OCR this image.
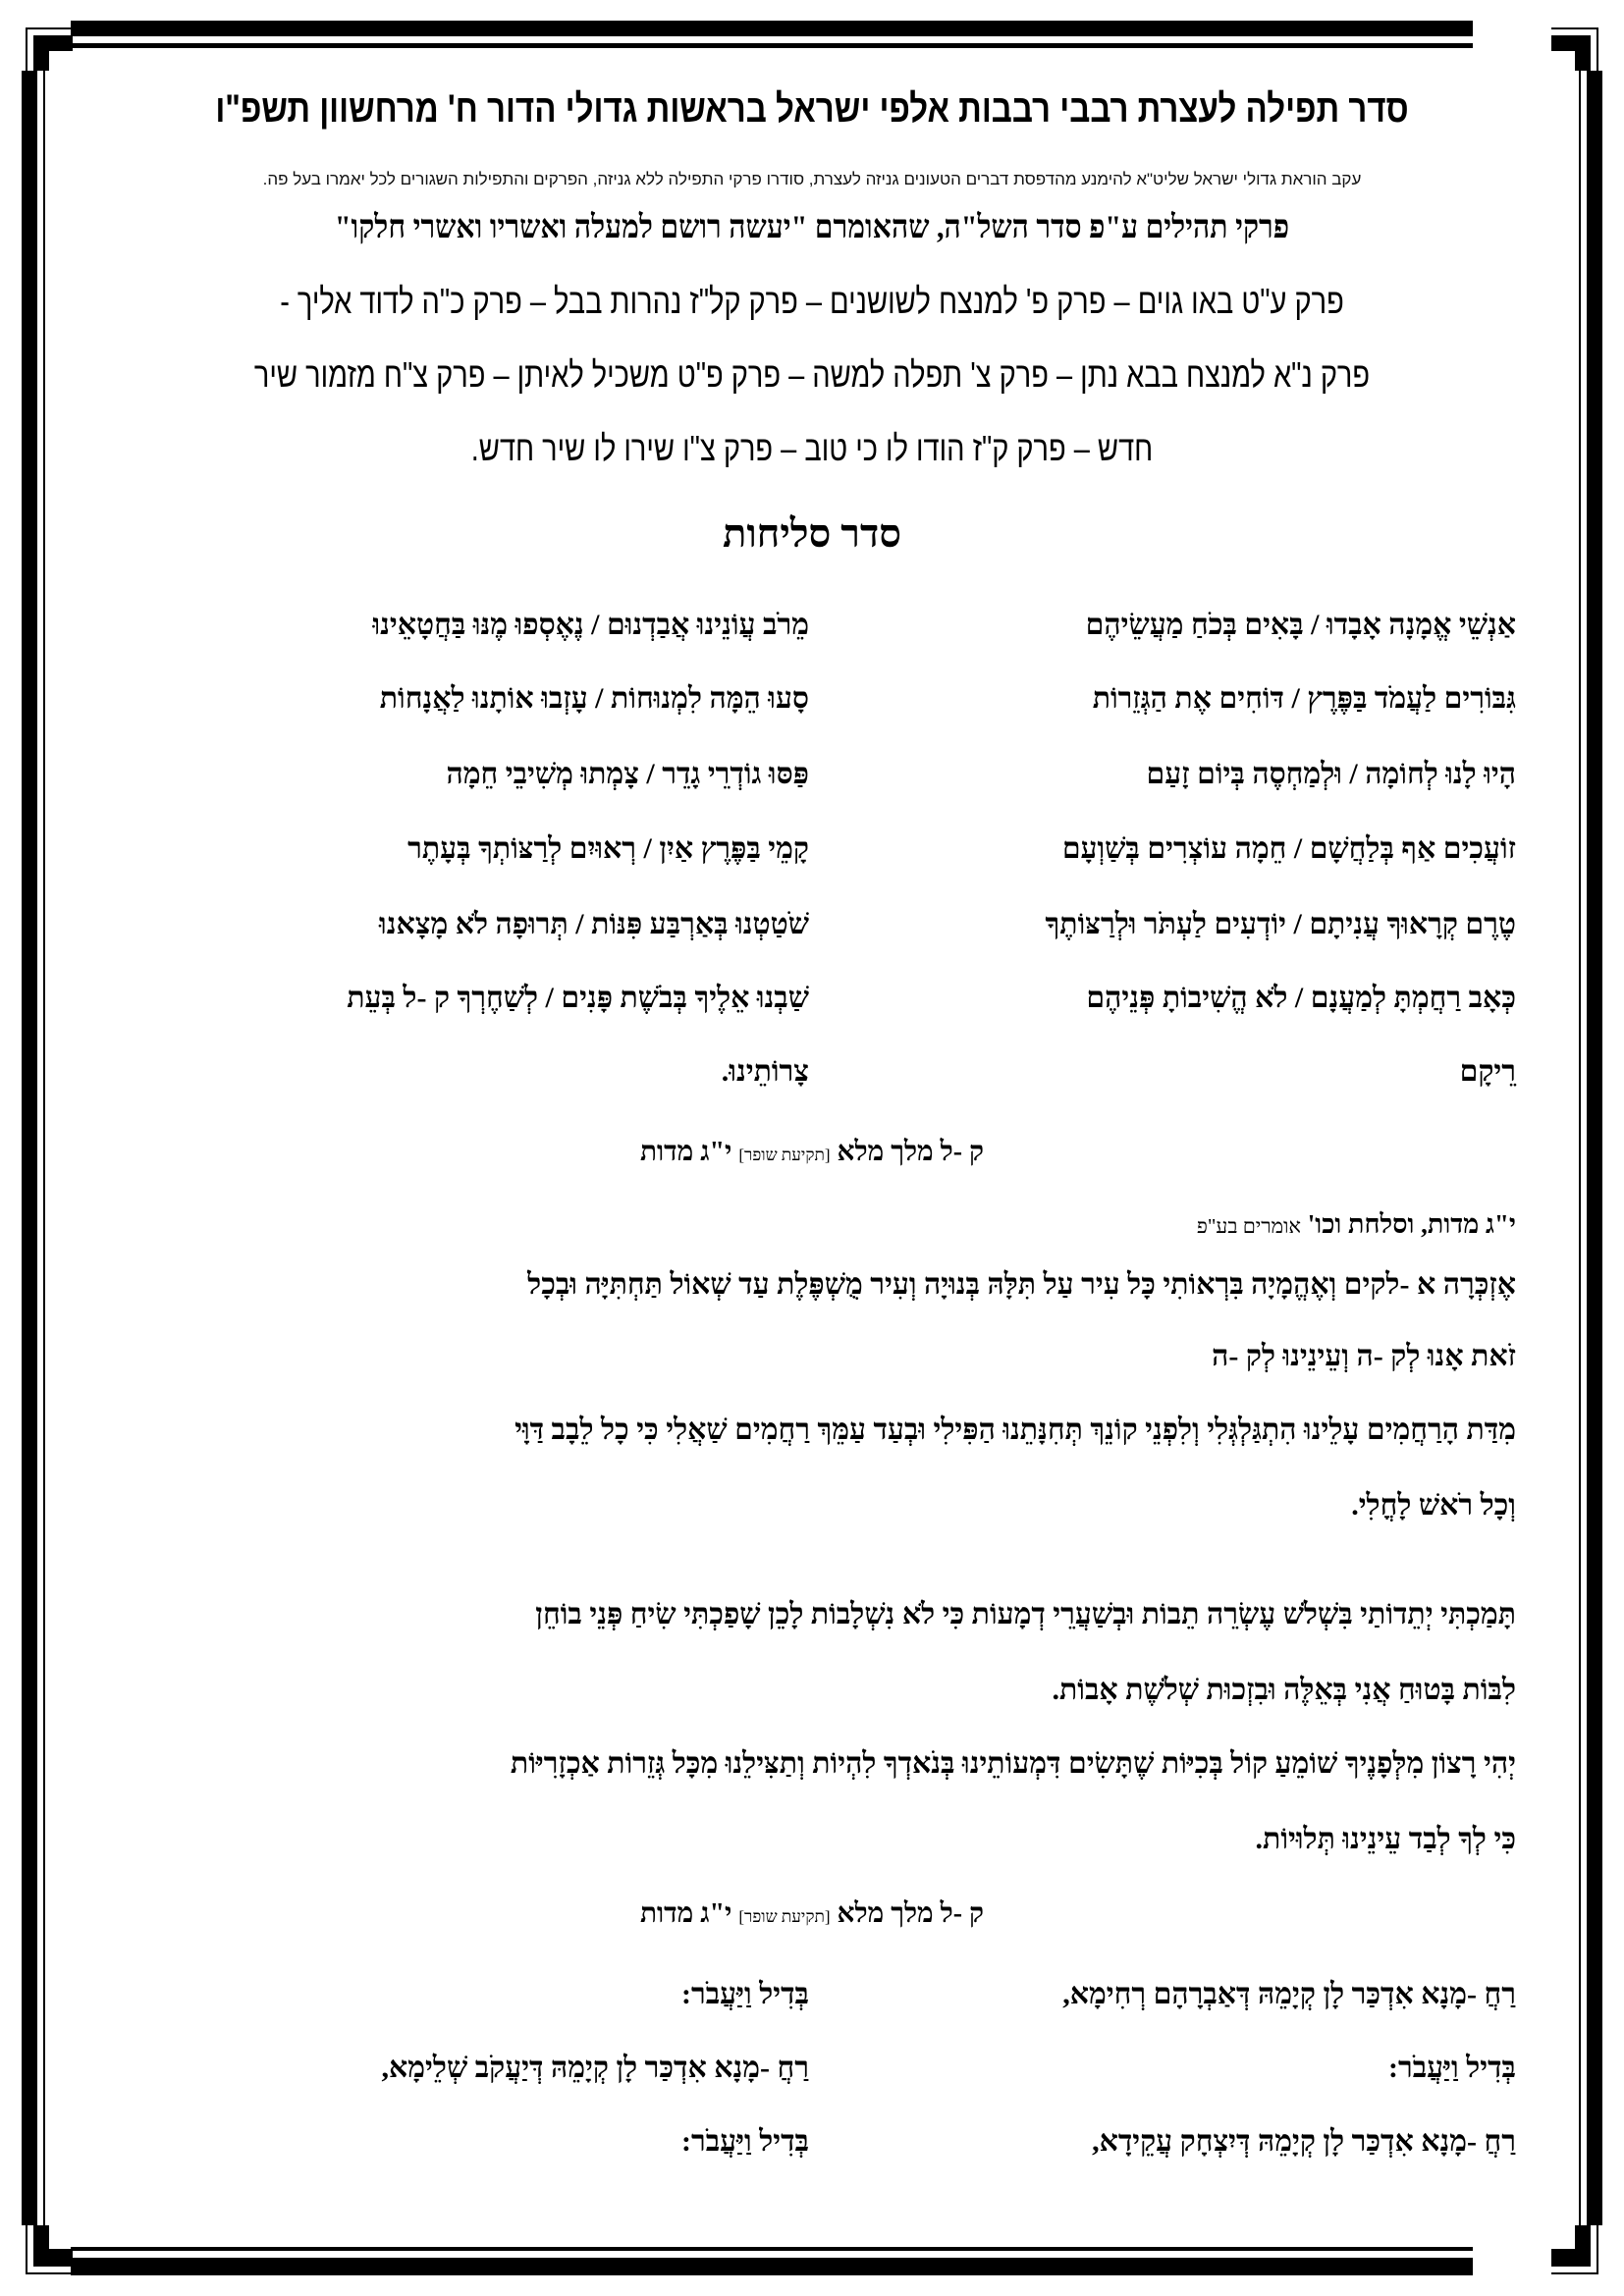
סדר תפילה לעצרת רבבי רבבות אלפי ישראל בראשות גדולי הדור ח' מרחשוון תשפ"ו
עקב הוראת גדולי ישראל שליט"א להימנע מהדפסת דברים הטעונים גניזה לעצרת, סודרו פרקי התפילה ללא גניזה, הפרקים והתפילות השגורים לכל יאמרו בעל פה.
פרקי תהילים ע"פ סדר השל"ה, שהאומרם "יעשה רושם למעלה ואשריו ואשרי חלקו"
פרק ע"ט באו גוים – פרק פ' למנצח לשושנים – פרק קל"ז נהרות בבל – פרק כ"ה לדוד אליך -
פרק נ"א למנצח בבא נתן – פרק צ' תפלה למשה – פרק פ"ט משכיל לאיתן – פרק צ"ח מזמור שיר
חדש – פרק ק"ז הודו לו כי טוב – פרק צ"ו שירו לו שיר חדש.
סדר סליחות
אַנְשֵׁי אֱמָנָה אָבָדוּ / בָּאִים בְּכֹחַ מַעֲשֵׂיהֶם
מֵרֹב עֲוֹנֵינוּ אֲבַדְנוּם / נֶאֶסְפוּ מֶנּוּ בַּחֲטָאֵינוּ
גִּבּוֹרִים לַעֲמֹד בַּפֶּרֶץ / דּוֹחִים אֶת הַגְּזֵרוֹת
סָעוּ הֵמָּה לִמְנוּחוֹת / עָזְבוּ אוֹתָנוּ לַאֲנָחוֹת
הָיוּ לָנוּ לְחוֹמָה / וּלְמַחְסֶה בְּיוֹם זָעַם
פַּסּוּ גוֹדְרֵי גָדֵר / צָמְתוּ מְשִׁיבֵי חֵמָה
זוֹעֲכִים אַף בְּלַחֲשָׁם / חֵמָה עוֹצְרִים בְּשַׁוְעָם
קָמֵי בַּפֶּרֶץ אַיִן / רְאוּיִם לְרַצּוֹתְךָ בְּעָתֶר
טֶרֶם קְרָאוּךָ עֲנִיתָם / יוֹדְעִים לַעְתֹּר וּלְרַצּוֹתֶךָ
שֹׁטַטְנוּ בְּאַרְבַּע פִּנּוֹת / תְּרוּפָה לֹא מָצָאנוּ
כְּאָב רַחֲמְתָּ לְמַעֲנָם / לֹא הֱשִׁיבוֹתָ פְּנֵיהֶם
שַׁבְנוּ אֵלֶיךָ בְּבֹשֶׁת פָּנִים / לְשַׁחֶרְךָ ק -ל בְּעֵת
רֵיקָם
צָרוֹתֵינוּ.
ק -ל מלך מלא [תקיעת שופר] י"ג מדות
י"ג מדות, וסלחת וכו' אומרים בע"פ
אֶזְכְּרָה א -לקים וְאֶהֱמָיָה בִּרְאוֹתִי כָּל עִיר עַל תִּלָּהּ בְּנוּיָה וְעִיר מֻשְׁפֶּלֶת עַד שְׁאוֹל תַּחְתִּיָּה וּבְכָל
זֹאת אָנוּ לְק -ה וְעֵינֵינוּ לְק -ה
מִדַּת הָרַחֲמִים עָלֵינוּ הִתְגַּלְגְּלִי וְלִפְנֵי קוֹנֵךְ תְּחִנָּתֵנוּ הַפִּילִי וּבְעַד עַמֵּךְ רַחֲמִים שַׁאֲלִי כִּי כָל לֵבָב דַּוָּי
וְכָל רֹאשׁ לָחֳלִי.
תָּמַכְתִּי יְתֵדוֹתַי בִּשְׁלֹשׁ עֶשְׂרֵה תֵבוֹת וּבְשַׁעֲרֵי דְמָעוֹת כִּי לֹא נִשְׁלָבוֹת לָכֵן שָׁפַכְתִּי שִׂיחַ פְּנֵי בוֹחֵן
לִבּוֹת בָּטוּחַ אֲנִי בְּאֵלֶּה וּבִזְכוּת שְׁלֹשֶׁת אָבוֹת.
יְהִי רָצוֹן מִלְּפָנֶיךָ שׁוֹמֵעַ קוֹל בְּכִיּוֹת שֶׁתָּשִׂים דִּמְעוֹתֵינוּ בְּנֹאדְךָ לִהְיוֹת וְתַצִּילֵנוּ מִכָּל גְּזֵרוֹת אַכְזָרִיּוֹת
כִּי לְךָ לְבַד עֵינֵינוּ תְּלוּיוֹת.
ק -ל מלך מלא [תקיעת שופר] י"ג מדות
רַחֲ -מָנָא אִדְכַּר לָן קְיָמֵהּ דְּאַבְרָהָם רְחִימָא,
בְּדִיל וַיַּעֲבֹר:
בְּדִיל וַיַּעֲבֹר:
רַחֲ -מָנָא אִדְכַּר לָן קְיָמֵהּ דְּיַעֲקֹב שְׁלֵימָא,
רַחֲ -מָנָא אִדְכַּר לָן קְיָמֵהּ דְּיִצְחָק עֲקֵידָא,
בְּדִיל וַיַּעֲבֹר:
